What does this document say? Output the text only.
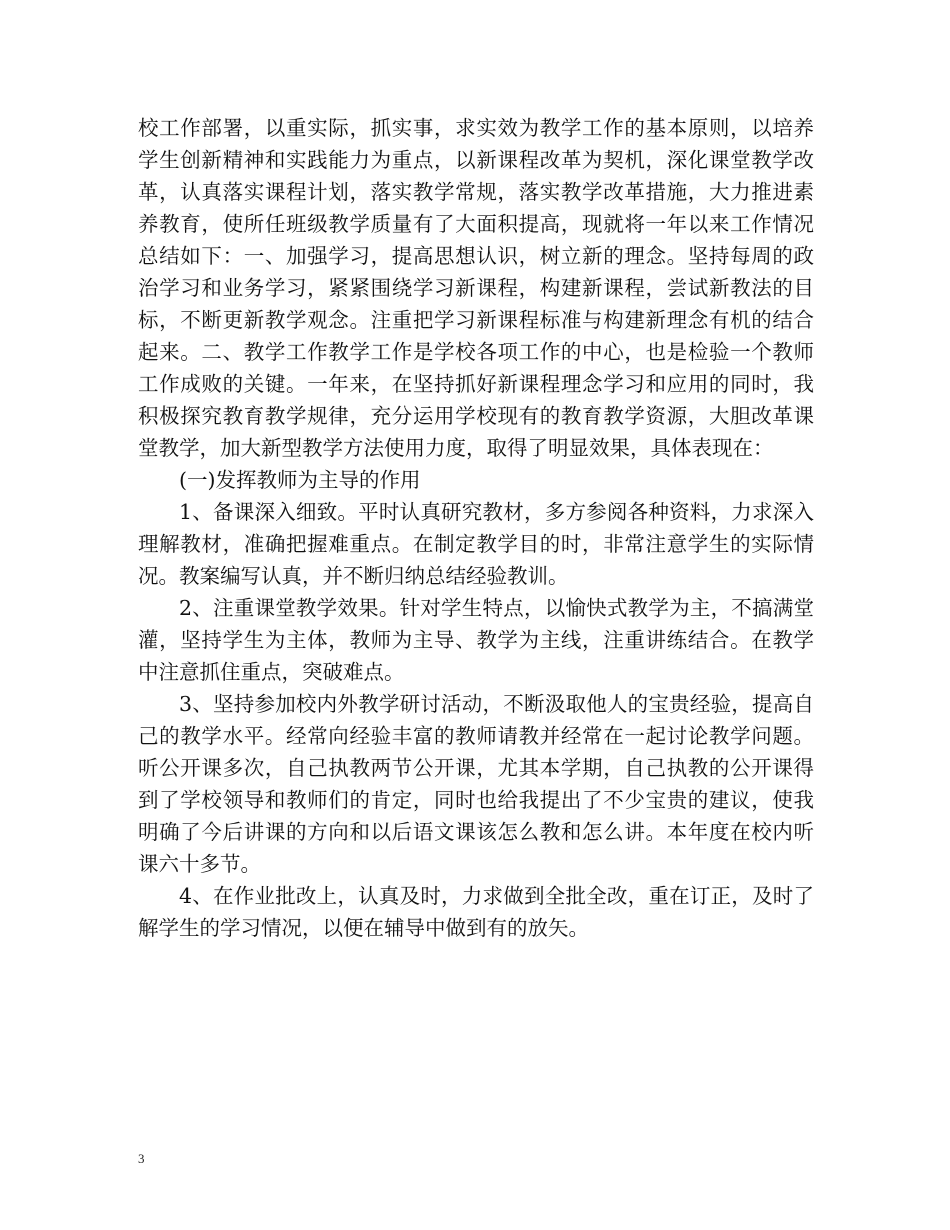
校工作部署，以重实际，抓实事，求实效为教学工作的基本原则，以培养学生创新精神和实践能力为重点，以新课程改革为契机，深化课堂教学改革，认真落实课程计划，落实教学常规，落实教学改革措施，大力推进素养教育，使所任班级教学质量有了大面积提高，现就将一年以来工作情况总结如下：一、加强学习，提高思想认识，树立新的理念。坚持每周的政治学习和业务学习，紧紧围绕学习新课程，构建新课程，尝试新教法的目标，不断更新教学观念。注重把学习新课程标准与构建新理念有机的结合起来。二、教学工作教学工作是学校各项工作的中心，也是检验一个教师工作成败的关键。一年来，在坚持抓好新课程理念学习和应用的同时，我积极探究教育教学规律，充分运用学校现有的教育教学资源，大胆改革课堂教学，加大新型教学方法使用力度，取得了明显效果，具体表现在：

(一)发挥教师为主导的作用

1、备课深入细致。平时认真研究教材，多方参阅各种资料，力求深入理解教材，准确把握难重点。在制定教学目的时，非常注意学生的实际情况。教案编写认真，并不断归纳总结经验教训。

2、注重课堂教学效果。针对学生特点，以愉快式教学为主，不搞满堂灌，坚持学生为主体，教师为主导、教学为主线，注重讲练结合。在教学中注意抓住重点，突破难点。

3、坚持参加校内外教学研讨活动，不断汲取他人的宝贵经验，提高自己的教学水平。经常向经验丰富的教师请教并经常在一起讨论教学问题。听公开课多次，自己执教两节公开课，尤其本学期，自己执教的公开课得到了学校领导和教师们的肯定，同时也给我提出了不少宝贵的建议，使我明确了今后讲课的方向和以后语文课该怎么教和怎么讲。本年度在校内听课六十多节。

4、在作业批改上，认真及时，力求做到全批全改，重在订正，及时了解学生的学习情况，以便在辅导中做到有的放矢。

3
